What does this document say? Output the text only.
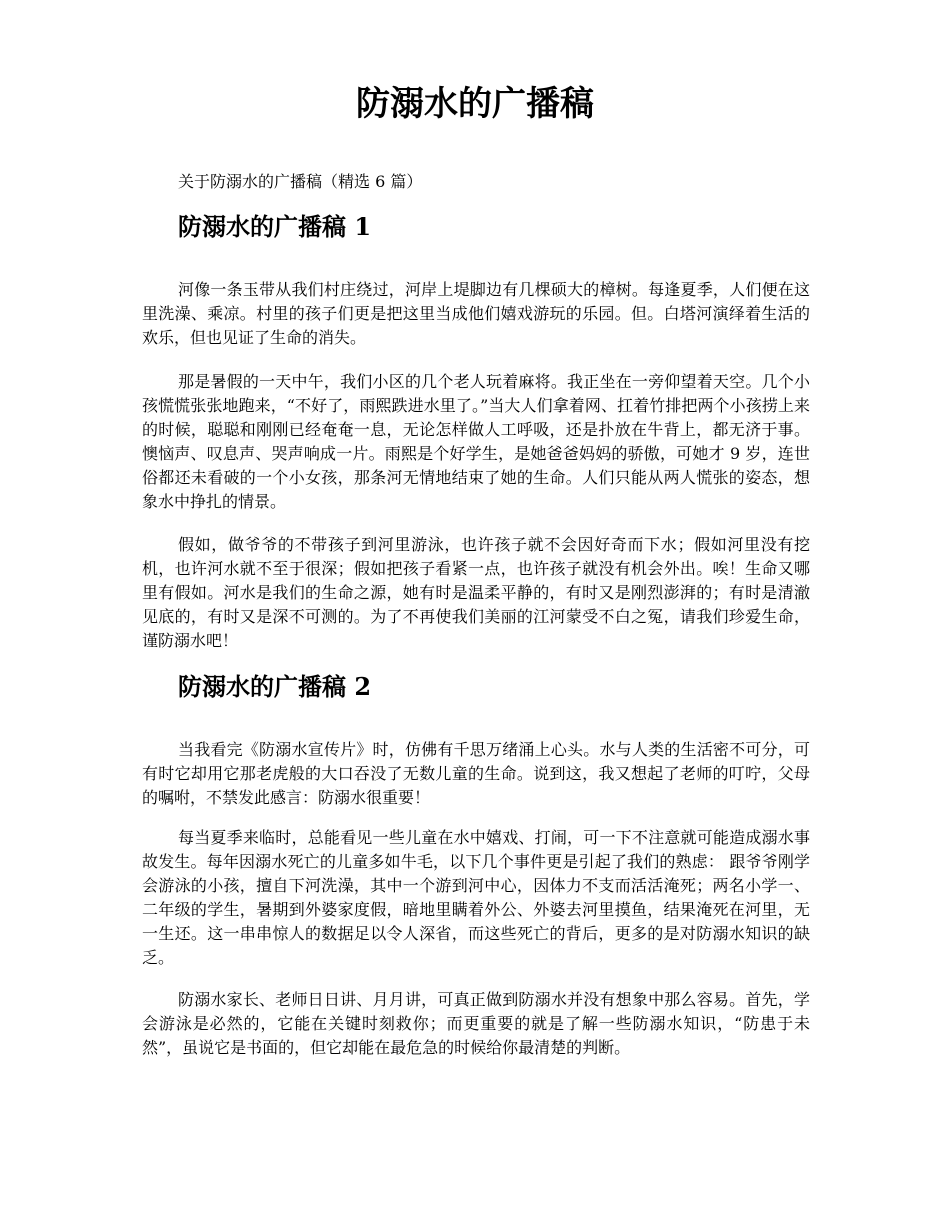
防溺水的广播稿

关于防溺水的广播稿（精选 6 篇）

防溺水的广播稿 1

河像一条玉带从我们村庄绕过，河岸上堤脚边有几棵硕大的樟树。每逢夏季，人们便在这里洗澡、乘凉。村里的孩子们更是把这里当成他们嬉戏游玩的乐园。但。白塔河演绎着生活的欢乐，但也见证了生命的消失。

那是暑假的一天中午，我们小区的几个老人玩着麻将。我正坐在一旁仰望着天空。几个小孩慌慌张张地跑来，“不好了，雨熙跌进水里了。”当大人们拿着网、扛着竹排把两个小孩捞上来的时候，聪聪和刚刚已经奄奄一息，无论怎样做人工呼吸，还是扑放在牛背上，都无济于事。懊恼声、叹息声、哭声响成一片。雨熙是个好学生，是她爸爸妈妈的骄傲，可她才 9 岁，连世俗都还未看破的一个小女孩，那条河无情地结束了她的生命。人们只能从两人慌张的姿态，想象水中挣扎的情景。

假如，做爷爷的不带孩子到河里游泳，也许孩子就不会因好奇而下水；假如河里没有挖机，也许河水就不至于很深；假如把孩子看紧一点，也许孩子就没有机会外出。唉！生命又哪里有假如。河水是我们的生命之源，她有时是温柔平静的，有时又是刚烈澎湃的；有时是清澈见底的，有时又是深不可测的。为了不再使我们美丽的江河蒙受不白之冤，请我们珍爱生命，谨防溺水吧！

防溺水的广播稿 2

当我看完《防溺水宣传片》时，仿佛有千思万绪涌上心头。水与人类的生活密不可分，可有时它却用它那老虎般的大口吞没了无数儿童的生命。说到这，我又想起了老师的叮咛，父母的嘱咐，不禁发此感言：防溺水很重要！

每当夏季来临时，总能看见一些儿童在水中嬉戏、打闹，可一下不注意就可能造成溺水事故发生。每年因溺水死亡的儿童多如牛毛，以下几个事件更是引起了我们的熟虑： 跟爷爷刚学会游泳的小孩，擅自下河洗澡，其中一个游到河中心，因体力不支而活活淹死；两名小学一、二年级的学生，暑期到外婆家度假，暗地里瞒着外公、外婆去河里摸鱼，结果淹死在河里，无一生还。这一串串惊人的数据足以令人深省，而这些死亡的背后，更多的是对防溺水知识的缺乏。

防溺水家长、老师日日讲、月月讲，可真正做到防溺水并没有想象中那么容易。首先，学会游泳是必然的，它能在关键时刻救你；而更重要的就是了解一些防溺水知识，“防患于未然”，虽说它是书面的，但它却能在最危急的时候给你最清楚的判断。
